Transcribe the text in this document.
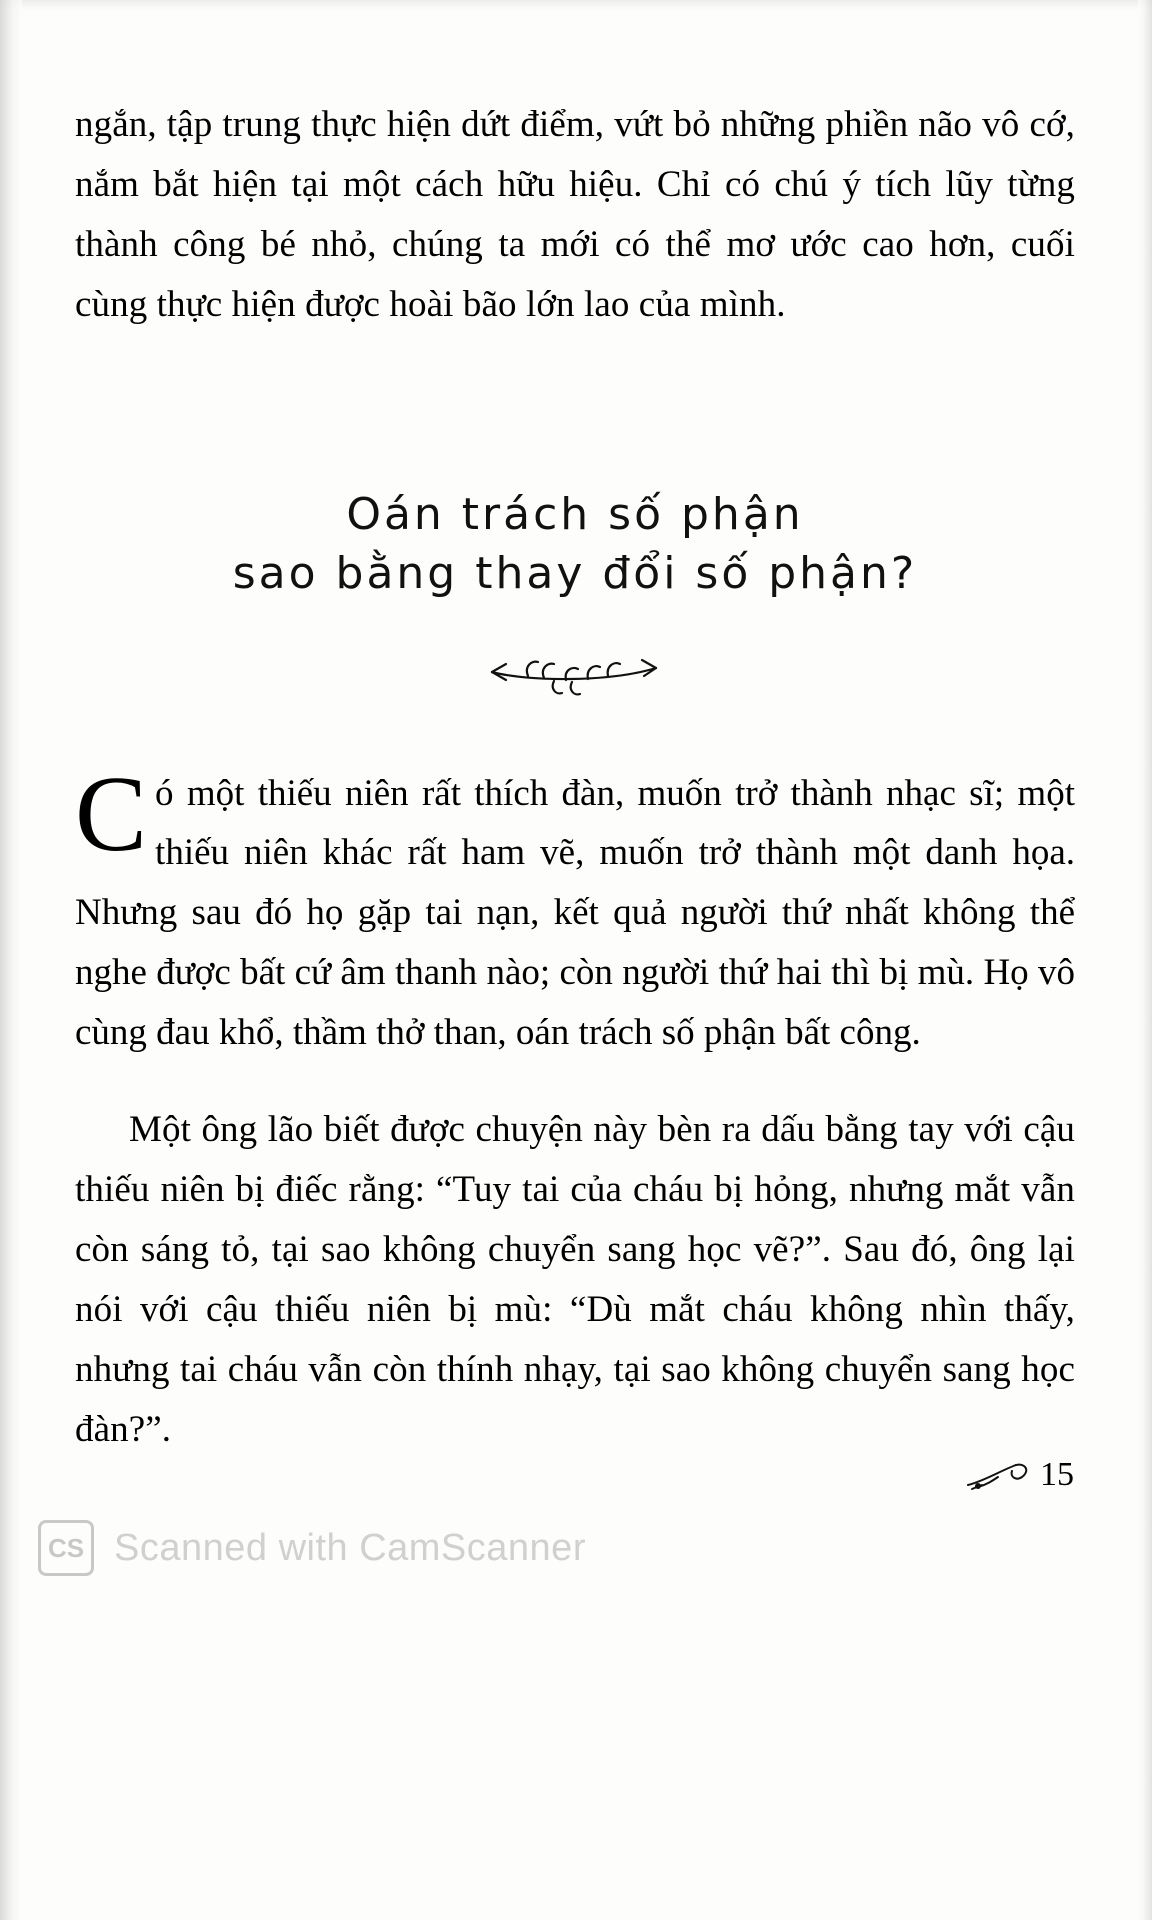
ngắn, tập trung thực hiện dứt điểm, vứt bỏ những phiền não vô cớ, nắm bắt hiện tại một cách hữu hiệu. Chỉ có chú ý tích lũy từng thành công bé nhỏ, chúng ta mới có thể mơ ước cao hơn, cuối cùng thực hiện được hoài bão lớn lao của mình.

Oán trách số phận
sao bằng thay đổi số phận?

Có một thiếu niên rất thích đàn, muốn trở thành nhạc sĩ; một thiếu niên khác rất ham vẽ, muốn trở thành một danh họa. Nhưng sau đó họ gặp tai nạn, kết quả người thứ nhất không thể nghe được bất cứ âm thanh nào; còn người thứ hai thì bị mù. Họ vô cùng đau khổ, thầm thở than, oán trách số phận bất công.

Một ông lão biết được chuyện này bèn ra dấu bằng tay với cậu thiếu niên bị điếc rằng: “Tuy tai của cháu bị hỏng, nhưng mắt vẫn còn sáng tỏ, tại sao không chuyển sang học vẽ?”. Sau đó, ông lại nói với cậu thiếu niên bị mù: “Dù mắt cháu không nhìn thấy, nhưng tai cháu vẫn còn thính nhạy, tại sao không chuyển sang học đàn?”.

15
CS Scanned with CamScanner
